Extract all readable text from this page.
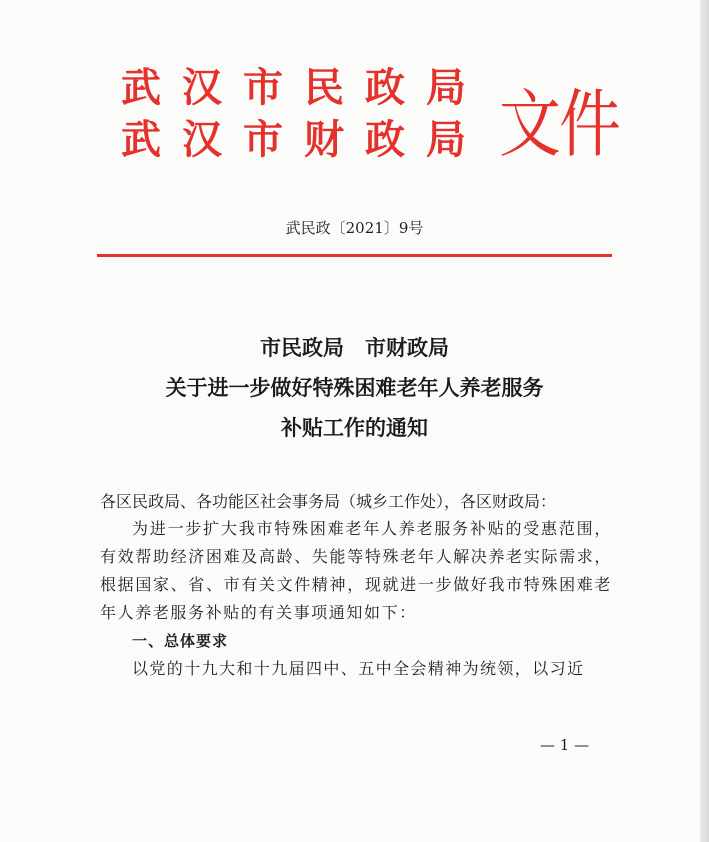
武汉市民政局
武汉市财政局 文件
武民政〔2021〕9号
市民政局　市财政局
关于进一步做好特殊困难老年人养老服务
补贴工作的通知
各区民政局、各功能区社会事务局（城乡工作处），各区财政局：
为进一步扩大我市特殊困难老年人养老服务补贴的受惠范围，有效帮助经济困难及高龄、失能等特殊老年人解决养老实际需求，根据国家、省、市有关文件精神，现就进一步做好我市特殊困难老年人养老服务补贴的有关事项通知如下：
一、总体要求
以党的十九大和十九届四中、五中全会精神为统领，以习近
— 1 —
